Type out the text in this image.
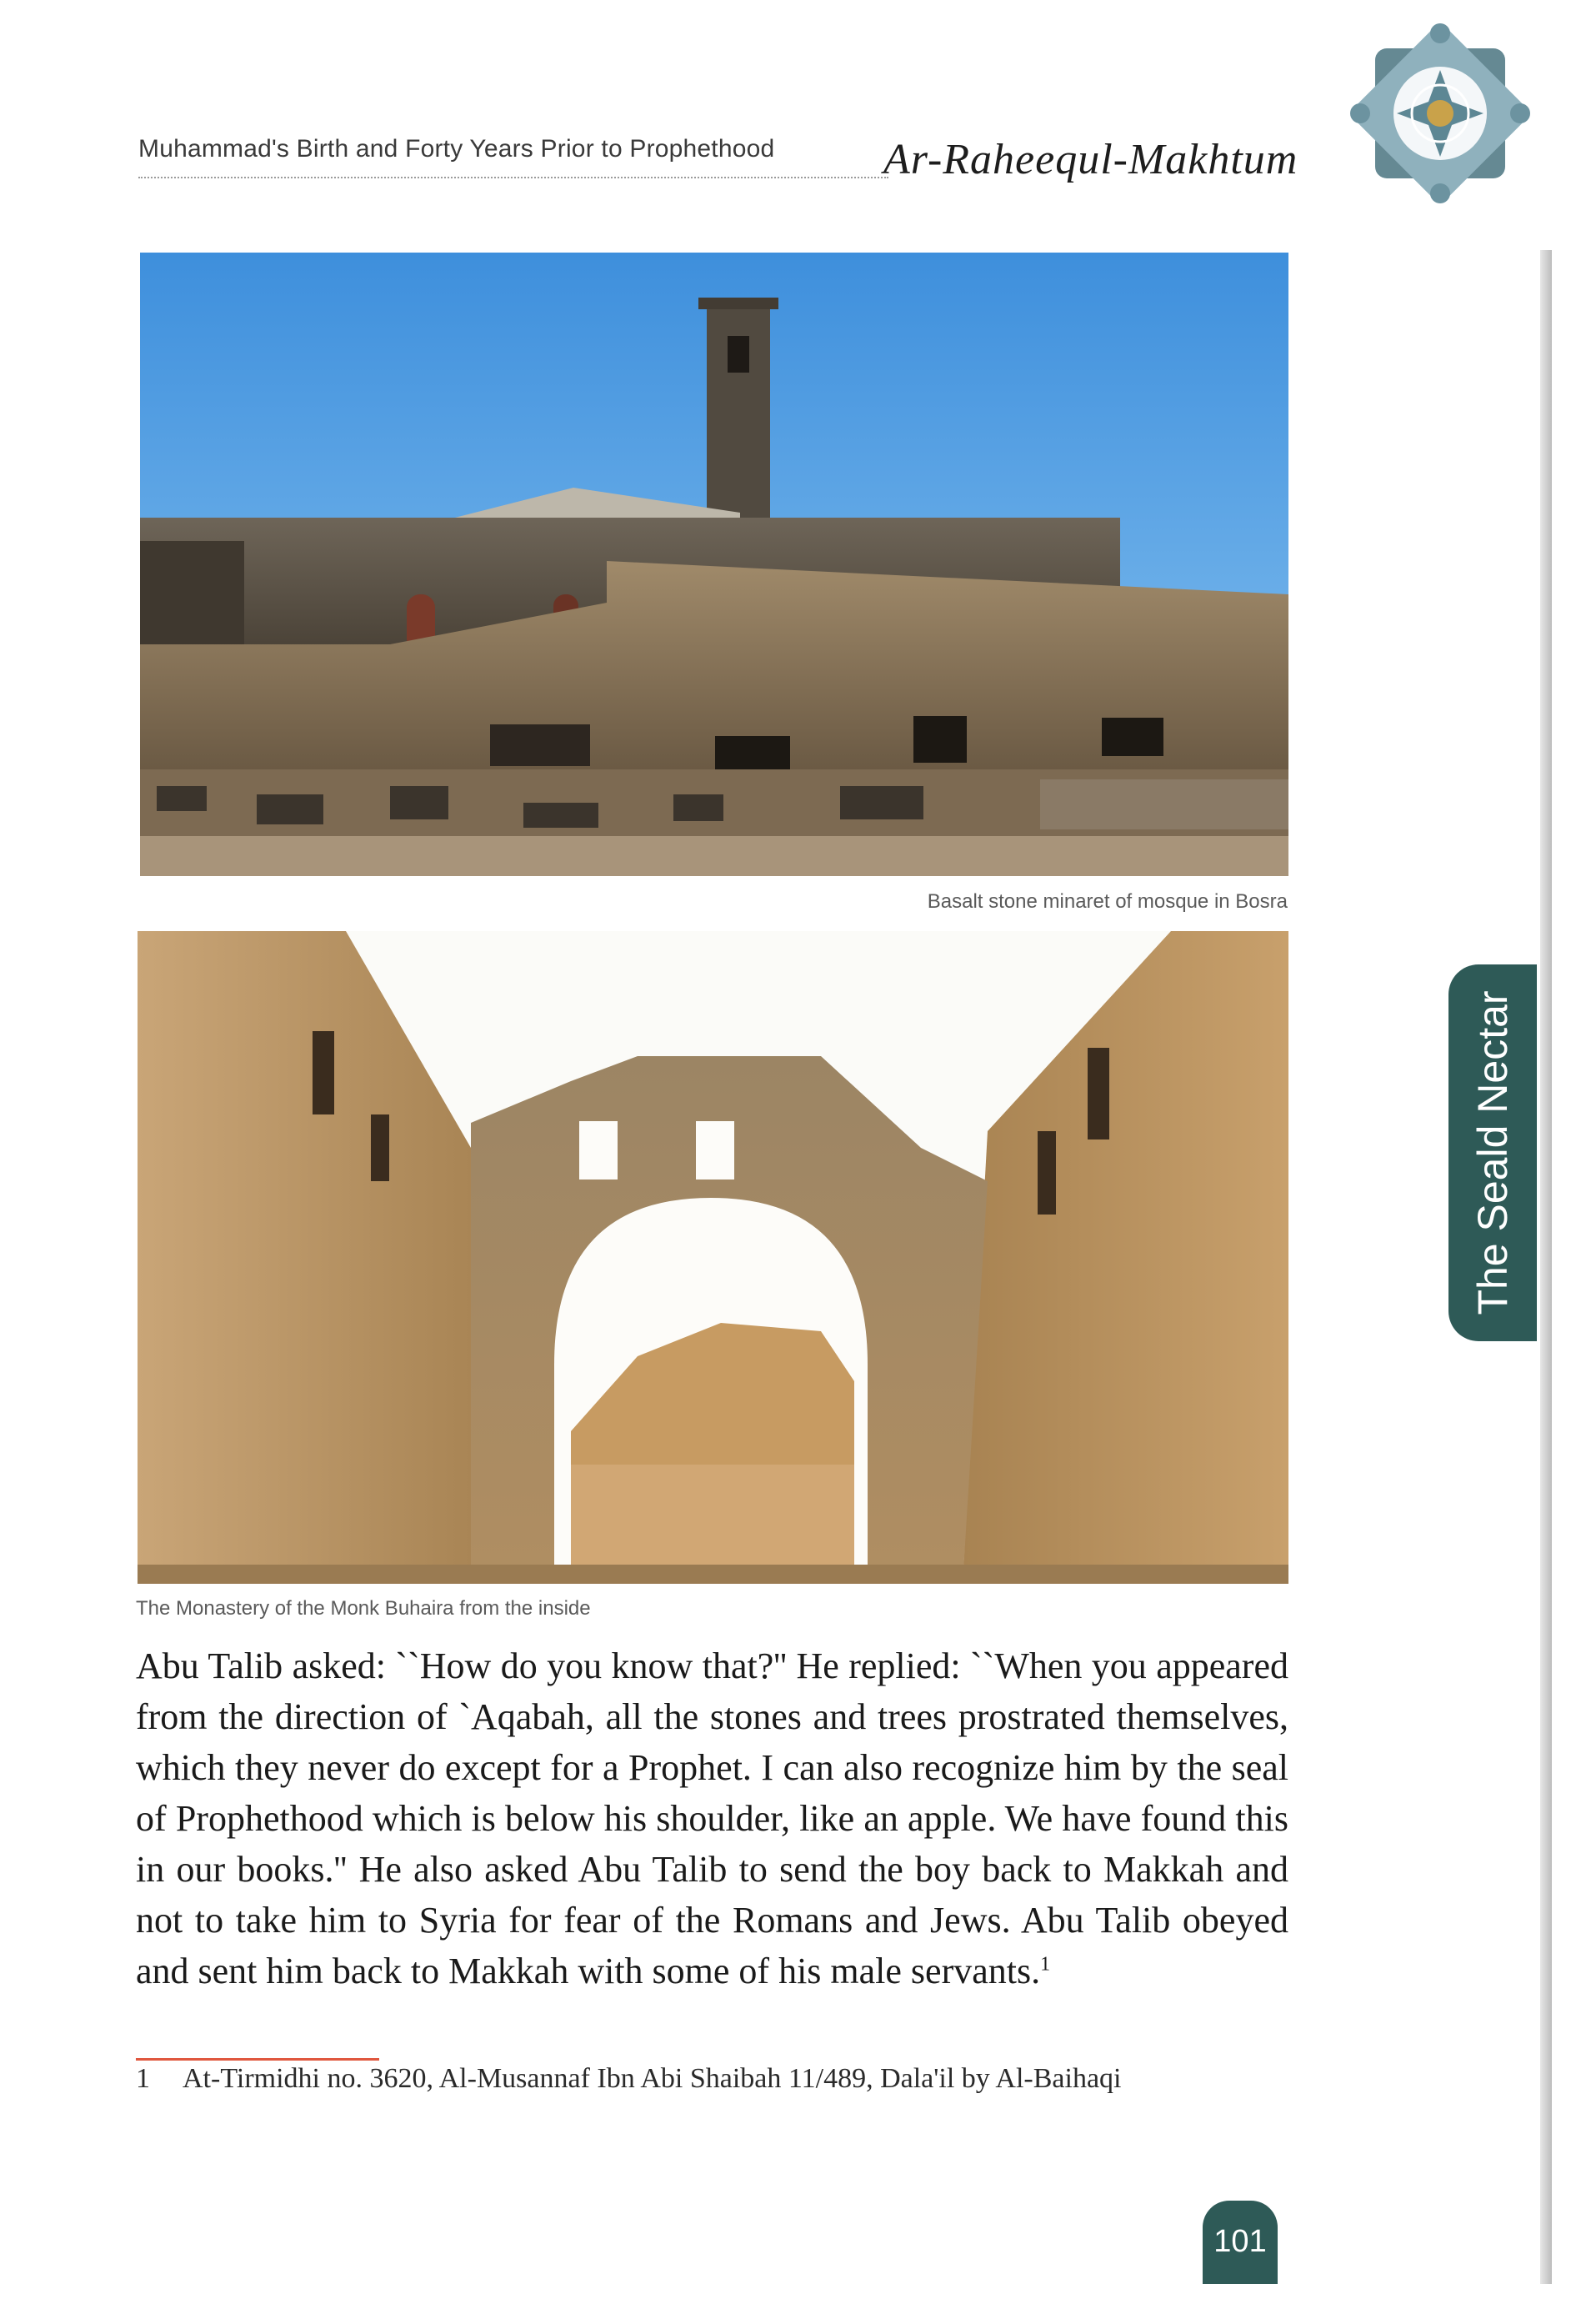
Muhammad's Birth and Forty Years Prior to Prophethood	Ar-Raheequl-Makhtum
Basalt stone minaret of mosque in Bosra
The Monastery of the Monk Buhaira from the inside
Abu Talib asked: ``How do you know that?'' He replied: ``When you appeared from the direction of `Aqabah, all the stones and trees prostrated themselves, which they never do except for a Prophet. I can also recognize him by the seal of Prophethood which is below his shoulder, like an apple. We have found this in our books.'' He also asked Abu Talib to send the boy back to Makkah and not to take him to Syria for fear of the Romans and Jews. Abu Talib obeyed and sent him back to Makkah with some of his male servants.$^1$
1 At-Tirmidhi no. 3620, Al-Musannaf Ibn Abi Shaibah 11/489, Dala'il by Al-Baihaqi
The Seald Nectar
101
